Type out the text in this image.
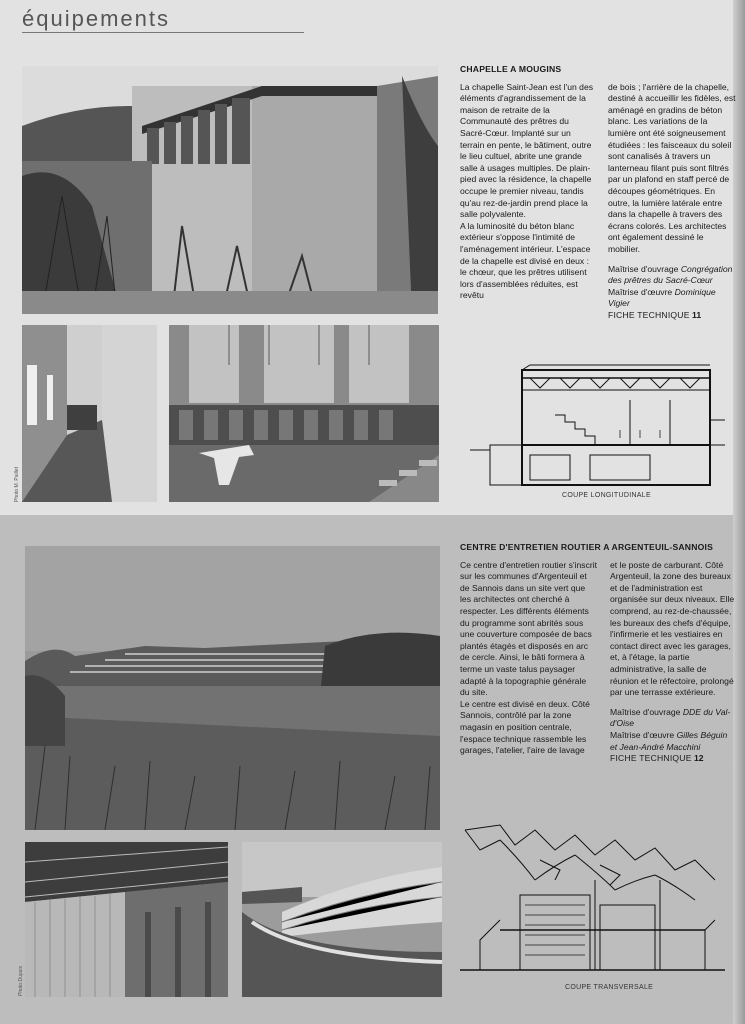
équipements
Photo M. Paillet	COUPE LONGITUDINALE
CHAPELLE A MOUGINS

La chapelle Saint-Jean est l'un des éléments d'agrandissement de la maison de retraite de la Communauté des prêtres du Sacré-Cœur. Implanté sur un terrain en pente, le bâtiment, outre le lieu cultuel, abrite une grande salle à usages multiples. De plain-pied avec la résidence, la chapelle occupe le premier niveau, tandis qu'au rez-de-jardin prend place la salle polyvalente.

A la luminosité du béton blanc extérieur s'oppose l'intimité de l'aménagement intérieur. L'espace de la chapelle est divisé en deux : le chœur, que les prêtres utilisent lors d'assemblées réduites, est revêtu

de bois ; l'arrière de la chapelle, destiné à accueillir les fidèles, est aménagé en gradins de béton blanc. Les variations de la lumière ont été soigneusement étudiées : les faisceaux du soleil sont canalisés à travers un lanterneau filant puis sont filtrés par un plafond en staff percé de découpes géométriques. En outre, la lumière latérale entre dans la chapelle à travers des écrans colorés. Les architectes ont également dessiné le mobilier.

Maîtrise d'ouvrage Congrégation des prêtres du Sacré-Cœur
Maîtrise d'œuvre Dominique Vigier
FICHE TECHNIQUE 11
Photo Dupuis	COUPE TRANSVERSALE
CENTRE D'ENTRETIEN ROUTIER A ARGENTEUIL-SANNOIS

Ce centre d'entretien routier s'inscrit sur les communes d'Argenteuil et de Sannois dans un site vert que les architectes ont cherché à respecter. Les différents éléments du programme sont abrités sous une couverture composée de bacs plantés étagés et disposés en arc de cercle. Ainsi, le bâti formera à terme un vaste talus paysager adapté à la topographie générale du site.

Le centre est divisé en deux. Côté Sannois, contrôlé par la zone magasin en position centrale, l'espace technique rassemble les garages, l'atelier, l'aire de lavage

et le poste de carburant. Côté Argenteuil, la zone des bureaux et de l'administration est organisée sur deux niveaux. Elle comprend, au rez-de-chaussée, les bureaux des chefs d'équipe, l'infirmerie et les vestiaires en contact direct avec les garages, et, à l'étage, la partie administrative, la salle de réunion et le réfectoire, prolongé par une terrasse extérieure.

Maîtrise d'ouvrage DDE du Val-d'Oise
Maîtrise d'œuvre Gilles Béguin et Jean-André Macchini
FICHE TECHNIQUE 12
